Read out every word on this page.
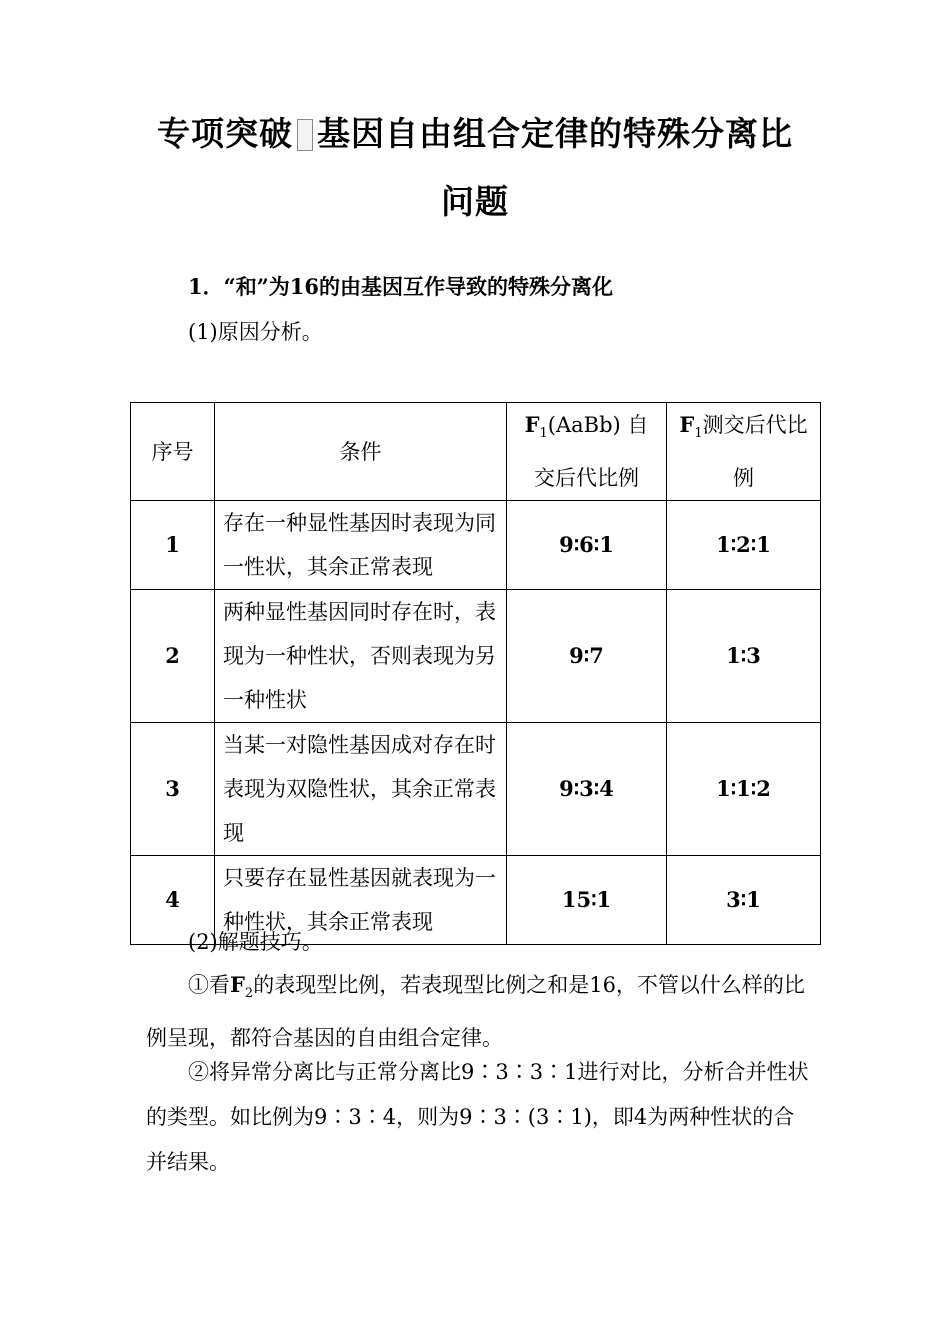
专项突破 基因自由组合定律的特殊分离比
问题
1．“和”为16的由基因互作导致的特殊分离化
(1)原因分析。
序号	条件	$F_1(AaBb)$ 自交后代比例	$F_1$测交后代比例
1	存在一种显性基因时表现为同一性状，其余正常表现	9∶6∶1	1∶2∶1
2	两种显性基因同时存在时，表现为一种性状，否则表现为另一种性状	9∶7	1∶3
3	当某一对隐性基因成对存在时表现为双隐性状，其余正常表现	9∶3∶4	1∶1∶2
4	只要存在显性基因就表现为一种性状，其余正常表现	15∶1	3∶1
(2)解题技巧。
①看$F_2$的表现型比例，若表现型比例之和是16，不管以什么样的比例呈现，都符合基因的自由组合定律。
②将异常分离比与正常分离比9∶3∶3∶1进行对比，分析合并性状的类型。如比例为9∶3∶4，则为9∶3∶(3∶1)，即4为两种性状的合并结果。
